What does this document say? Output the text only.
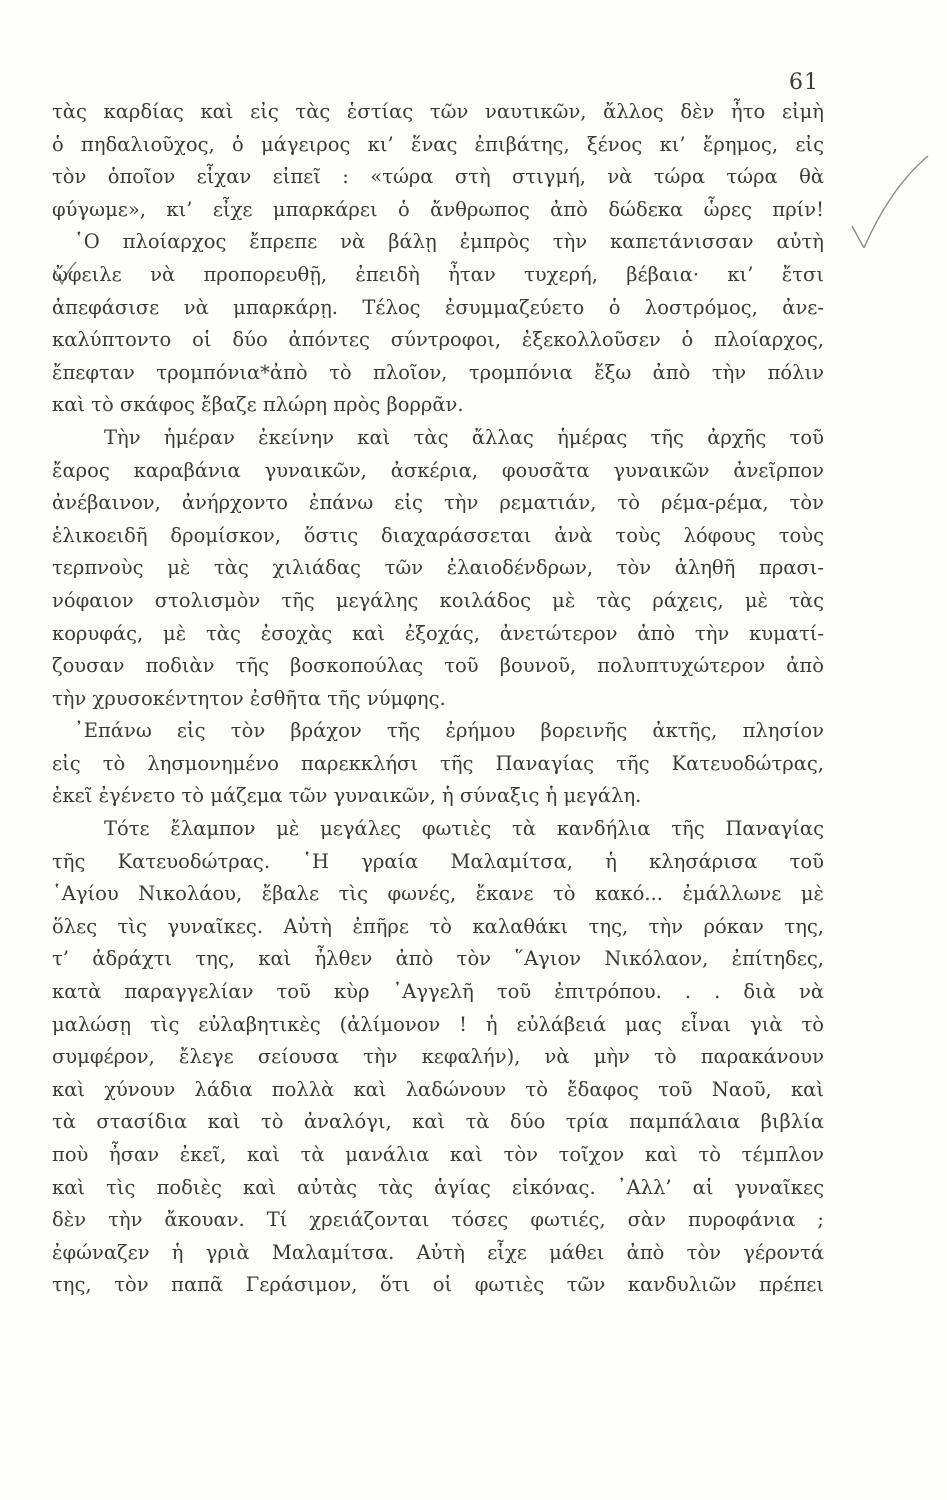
61
τὰς καρδίας καὶ εἰς τὰς ἑστίας τῶν ναυτικῶν, ἄλλος δὲν ἦτο εἰμὴ
ὁ πηδαλιοῦχος, ὁ μάγειρος κι’ ἕνας ἐπιβάτης, ξένος κι’ ἔρημος, εἰς
τὸν ὁποῖον εἶχαν εἰπεῖ : «τώρα στὴ στιγμή, νὰ τώρα τώρα θὰ
φύγωμε», κι’ εἶχε μπαρκάρει ὁ ἄνθρωπος ἀπὸ δώδεκα ὧρες πρίν!
῾Ο πλοίαρχος ἔπρεπε νὰ βάλῃ ἐμπρὸς τὴν καπετάνισσαν αὐτὴ
ὤφειλε νὰ προπορευθῇ, ἐπειδὴ ἦταν τυχερή, βέβαια· κι’ ἔτσι
ἀπεφάσισε νὰ μπαρκάρῃ. Τέλος ἐσυμμαζεύετο ὁ λοστρόμος, ἀνε-
καλύπτοντο οἱ δύο ἀπόντες σύντροφοι, ἐξεκολλοῦσεν ὁ πλοίαρχος,
ἔπεφταν τρομπόνια*ἀπὸ τὸ πλοῖον, τρομπόνια ἔξω ἀπὸ τὴν πόλιν
καὶ τὸ σκάφος ἔβαζε πλώρη πρὸς βορρᾶν.
Τὴν ἡμέραν ἐκείνην καὶ τὰς ἄλλας ἡμέρας τῆς ἀρχῆς τοῦ
ἔαρος καραβάνια γυναικῶν, ἀσκέρια, φουσᾶτα γυναικῶν ἀνεῖρπον
ἀνέβαινον, ἀνήρχοντο ἐπάνω εἰς τὴν ρεματιάν, τὸ ρέμα-ρέμα, τὸν
ἑλικοειδῆ δρομίσκον, ὅστις διαχαράσσεται ἀνὰ τοὺς λόφους τοὺς
τερπνοὺς μὲ τὰς χιλιάδας τῶν ἐλαιοδένδρων, τὸν ἀληθῆ πρασι-
νόφαιον στολισμὸν τῆς μεγάλης κοιλάδος μὲ τὰς ράχεις, μὲ τὰς
κορυφάς, μὲ τὰς ἐσοχὰς καὶ ἐξοχάς, ἀνετώτερον ἀπὸ τὴν κυματί-
ζουσαν ποδιὰν τῆς βοσκοπούλας τοῦ βουνοῦ, πολυπτυχώτερον ἀπὸ
τὴν χρυσοκέντητον ἐσθῆτα τῆς νύμφης.
᾿Επάνω εἰς τὸν βράχον τῆς ἐρήμου βορεινῆς ἀκτῆς, πλησίον
εἰς τὸ λησμονημένο παρεκκλήσι τῆς Παναγίας τῆς Κατευοδώτρας,
ἐκεῖ ἐγένετο τὸ μάζεμα τῶν γυναικῶν, ἡ σύναξις ἡ μεγάλη.
Τότε ἔλαμπον μὲ μεγάλες φωτιὲς τὰ κανδήλια τῆς Παναγίας
τῆς Κατευοδώτρας. ῾Η γραία Μαλαμίτσα, ἡ κλησάρισα τοῦ
῾Αγίου Νικολάου, ἔβαλε τὶς φωνές, ἔκανε τὸ κακό... ἐμάλλωνε μὲ
ὅλες τὶς γυναῖκες. Αὐτὴ ἐπῆρε τὸ καλαθάκι της, τὴν ρόκαν της,
τ’ ἀδράχτι της, καὶ ἦλθεν ἀπὸ τὸν ῞Αγιον Νικόλαον, ἐπίτηδες,
κατὰ παραγγελίαν τοῦ κὺρ ᾿Αγγελῆ τοῦ ἐπιτρόπου. . . διὰ νὰ
μαλώσῃ τὶς εὐλαβητικὲς (ἀλίμονον ! ἡ εὐλάβειά μας εἶναι γιὰ τὸ
συμφέρον, ἔλεγε σείουσα τὴν κεφαλήν), νὰ μὴν τὸ παρακάνουν
καὶ χύνουν λάδια πολλὰ καὶ λαδώνουν τὸ ἔδαφος τοῦ Ναοῦ, καὶ
τὰ στασίδια καὶ τὸ ἀναλόγι, καὶ τὰ δύο τρία παμπάλαια βιβλία
ποὺ ἦσαν ἐκεῖ, καὶ τὰ μανάλια καὶ τὸν τοῖχον καὶ τὸ τέμπλον
καὶ τὶς ποδιὲς καὶ αὐτὰς τὰς ἁγίας εἰκόνας. ᾿Αλλ’ αἱ γυναῖκες
δὲν τὴν ἄκουαν. Τί χρειάζονται τόσες φωτιές, σὰν πυροφάνια ;
ἐφώναζεν ἡ γριὰ Μαλαμίτσα. Αὐτὴ εἶχε μάθει ἀπὸ τὸν γέροντά
της, τὸν παπᾶ Γεράσιμον, ὅτι οἱ φωτιὲς τῶν κανδυλιῶν πρέπει
